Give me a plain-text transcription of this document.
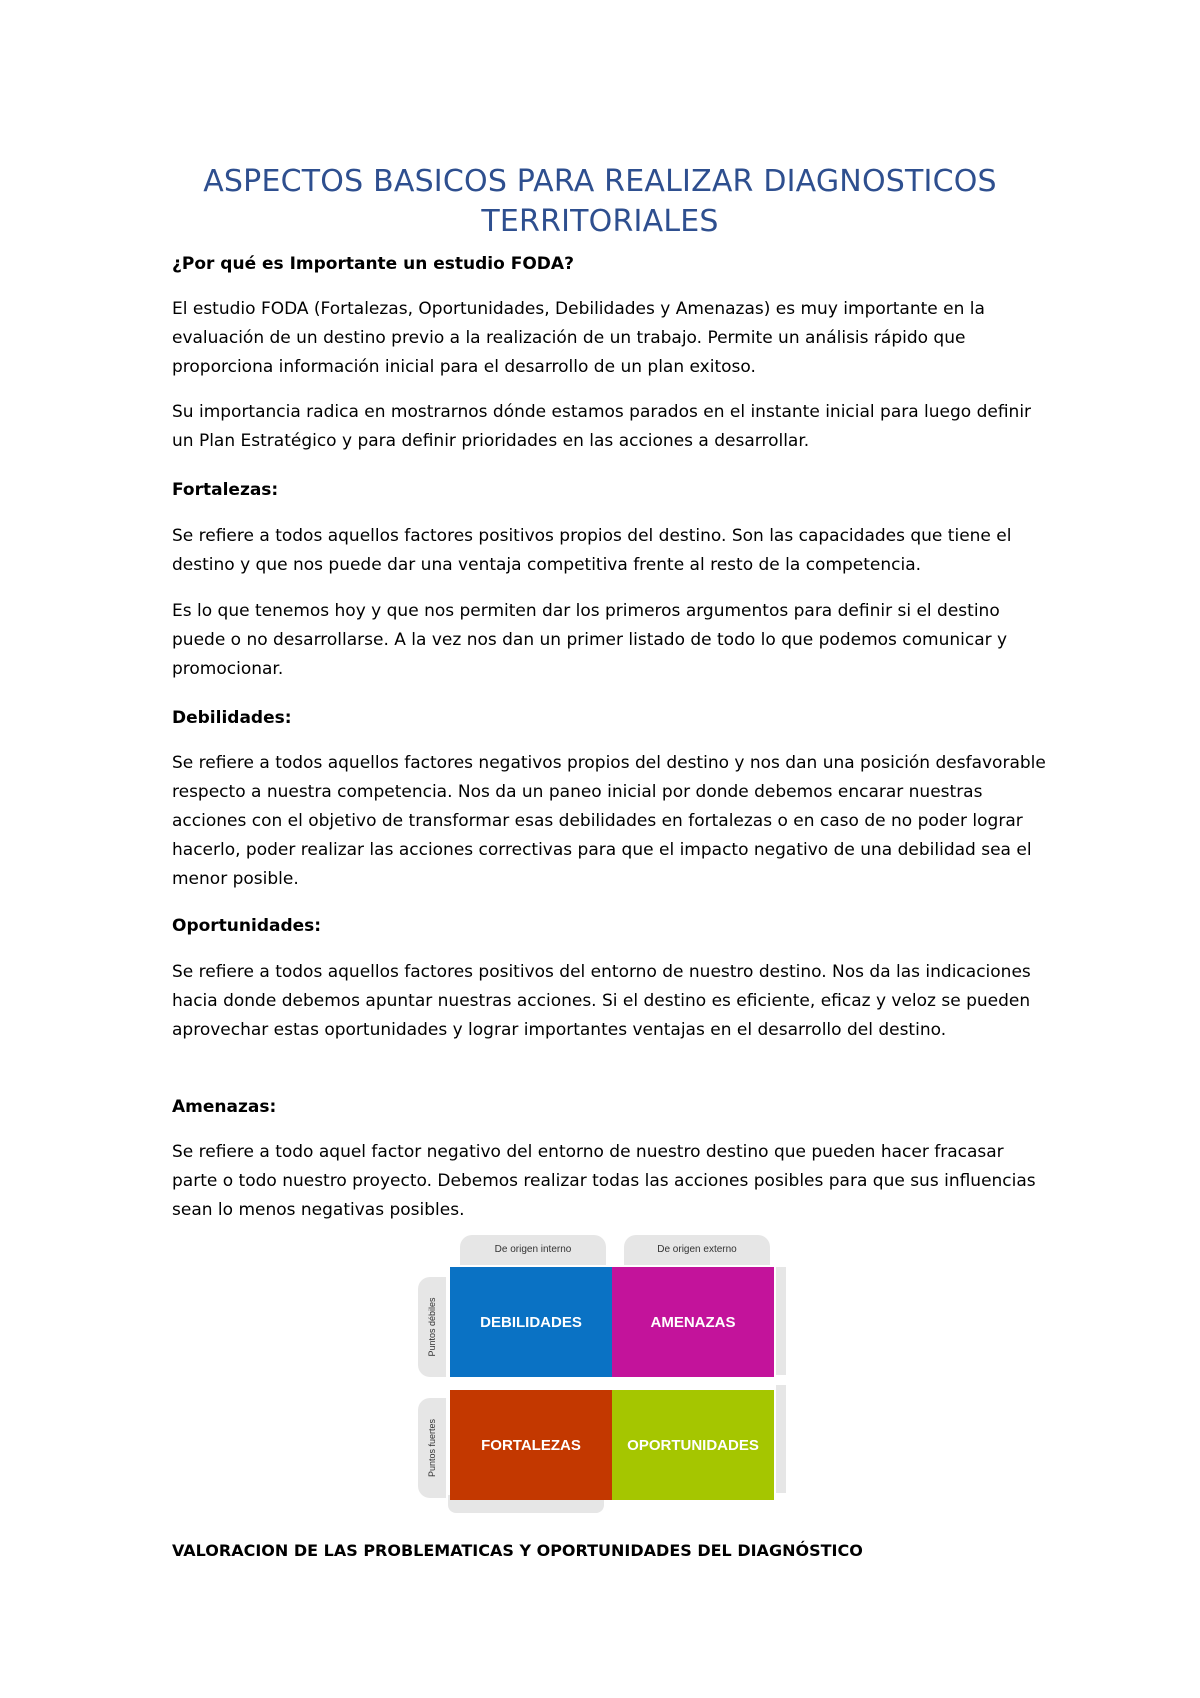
ASPECTOS BASICOS PARA REALIZAR DIAGNOSTICOS TERRITORIALES
¿Por qué es Importante un estudio FODA?
El estudio FODA (Fortalezas, Oportunidades, Debilidades y Amenazas) es muy importante en la evaluación de un destino previo a la realización de un trabajo. Permite un análisis rápido que proporciona información inicial para el desarrollo de un plan exitoso.
Su importancia radica en mostrarnos dónde estamos parados en el instante inicial para luego definir un Plan Estratégico y para definir prioridades en las acciones a desarrollar.
Fortalezas:
Se refiere a todos aquellos factores positivos propios del destino. Son las capacidades que tiene el destino y que nos puede dar una ventaja competitiva frente al resto de la competencia.
Es lo que tenemos hoy y que nos permiten dar los primeros argumentos para definir si el destino puede o no desarrollarse. A la vez nos dan un primer listado de todo lo que podemos comunicar y promocionar.
Debilidades:
Se refiere a todos aquellos factores negativos propios del destino y nos dan una posición desfavorable respecto a nuestra competencia. Nos da un paneo inicial por donde debemos encarar nuestras acciones con el objetivo de transformar esas debilidades en fortalezas o en caso de no poder lograr hacerlo, poder realizar las acciones correctivas para que el impacto negativo de una debilidad sea el menor posible.
Oportunidades:
Se refiere a todos aquellos factores positivos del entorno de nuestro destino. Nos da las indicaciones hacia donde debemos apuntar nuestras acciones. Si el destino es eficiente, eficaz y veloz se pueden aprovechar estas oportunidades y lograr importantes ventajas en el desarrollo del destino.
Amenazas:
Se refiere a todo aquel factor negativo del entorno de nuestro destino que pueden hacer fracasar parte o todo nuestro proyecto. Debemos realizar todas las acciones posibles para que sus influencias sean lo menos negativas posibles.
De origen interno	De origen externo
Puntos débiles
Puntos fuertes
DEBILIDADES	AMENAZAS
FORTALEZAS	OPORTUNIDADES
VALORACION DE LAS PROBLEMATICAS Y OPORTUNIDADES DEL DIAGNÓSTICO
